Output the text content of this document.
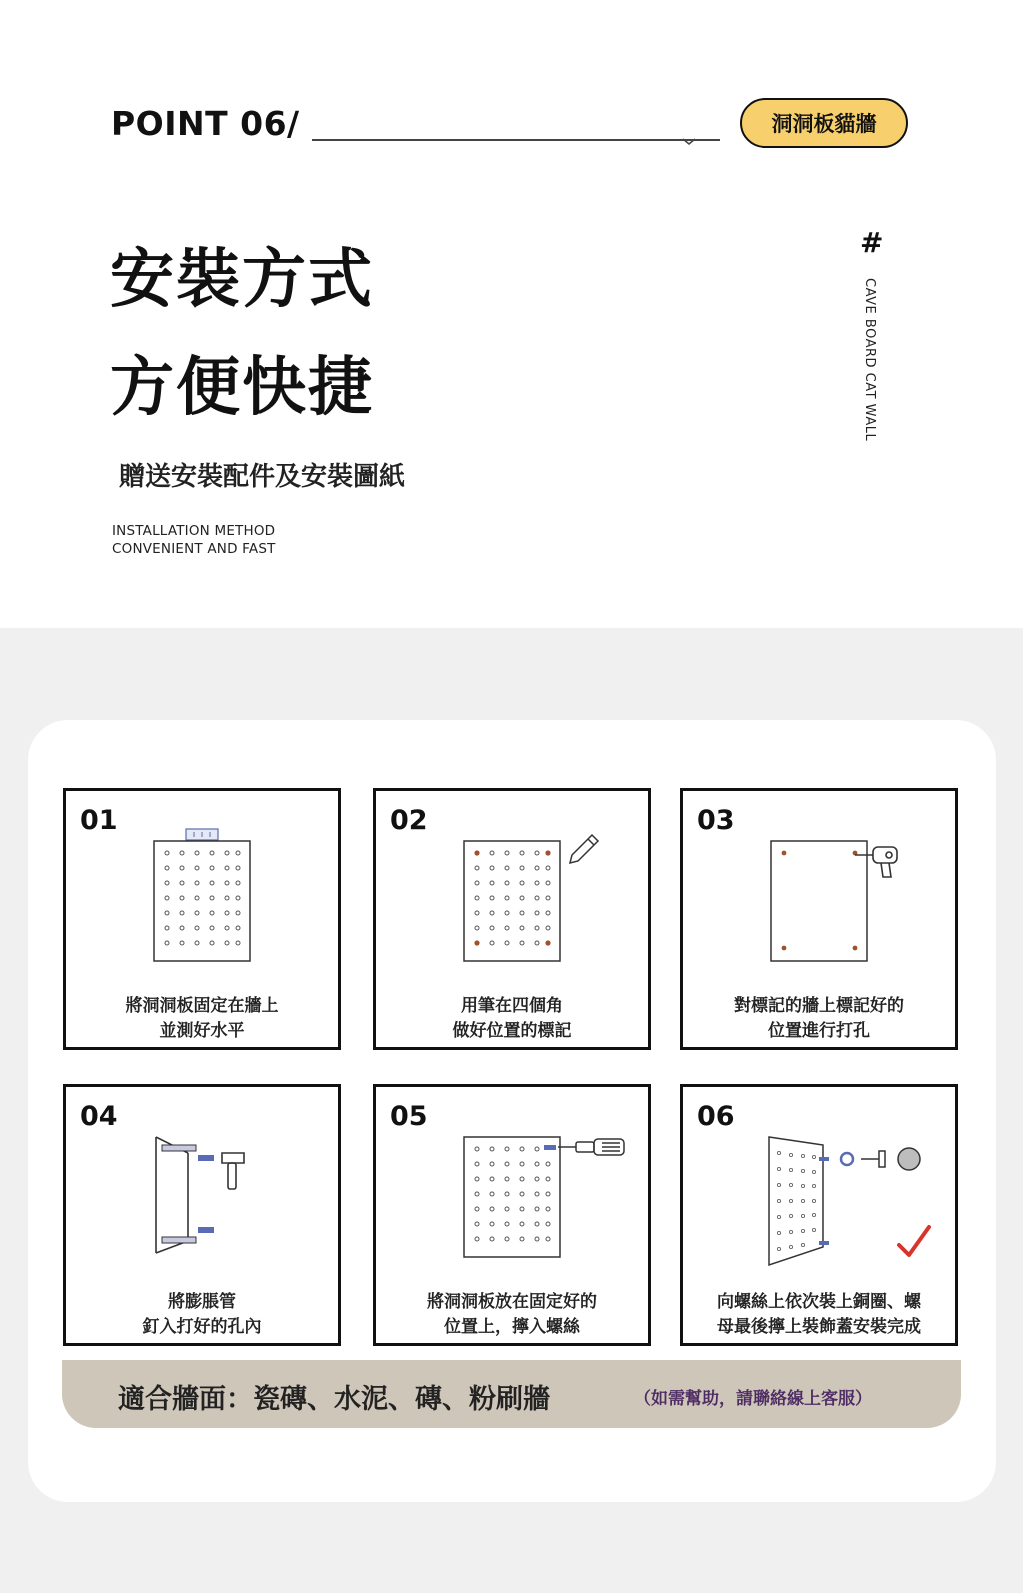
POINT 06/	洞洞板貓牆
安裝方式
方便快捷
贈送安裝配件及安裝圖紙
INSTALLATION METHOD
CONVENIENT AND FAST
#
CAVE BOARD CAT WALL
01
將洞洞板固定在牆上
並測好水平
02
用筆在四個角
做好位置的標記
03
對標記的牆上標記好的
位置進行打孔
04
將膨脹管
釘入打好的孔內
05
將洞洞板放在固定好的
位置上，擰入螺絲
06
向螺絲上依次裝上銅圈、螺
母最後擰上裝飾蓋安裝完成
適合牆面：瓷磚、水泥、磚、粉刷牆	（如需幫助，請聯絡線上客服）
